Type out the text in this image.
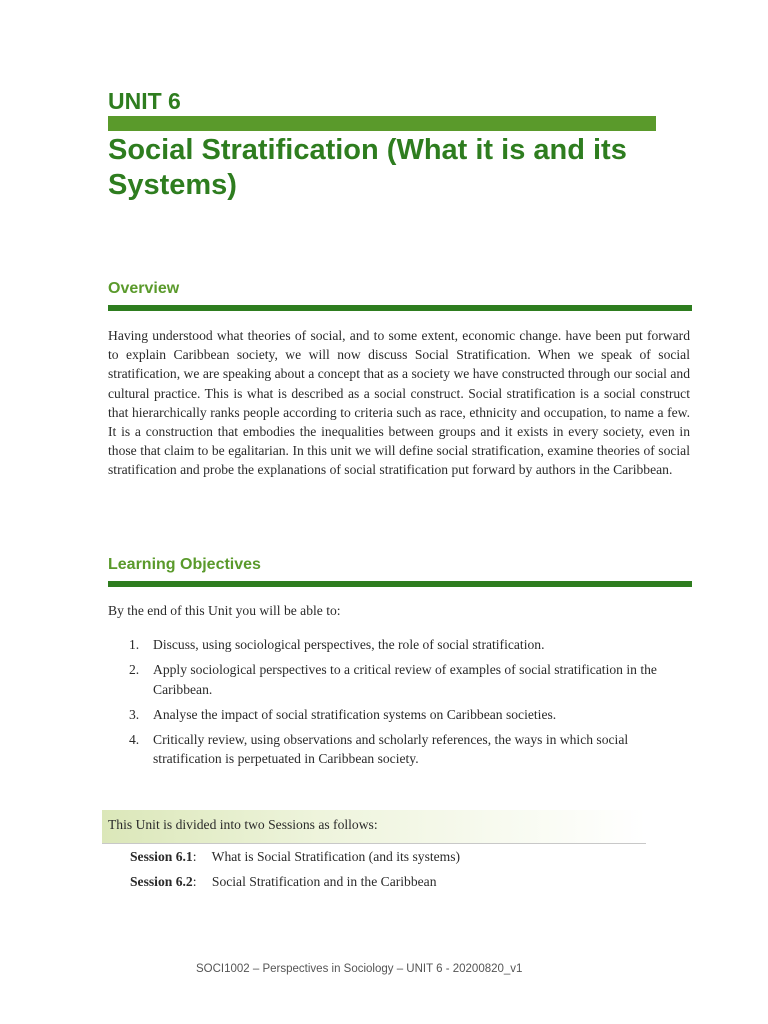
UNIT 6
Social Stratification (What it is and its Systems)
Overview

Having understood what theories of social, and to some extent, economic change. have been put forward to explain Caribbean society, we will now discuss Social Stratification. When we speak of social stratification, we are speaking about a concept that as a society we have constructed through our social and cultural practice. This is what is described as a social construct. Social stratification is a social construct that hierarchically ranks people according to criteria such as race, ethnicity and occupation, to name a few. It is a construction that embodies the inequalities between groups and it exists in every society, even in those that claim to be egalitarian. In this unit we will define social stratification, examine theories of social stratification and probe the explanations of social stratification put forward by authors in the Caribbean.

Learning Objectives
By the end of this Unit you will be able to:
1. Discuss, using sociological perspectives, the role of social stratification.
2. Apply sociological perspectives to a critical review of examples of social stratification in the Caribbean.
3. Analyse the impact of social stratification systems on Caribbean societies.
4. Critically review, using observations and scholarly references, the ways in which social stratification is perpetuated in Caribbean society.
This Unit is divided into two Sessions as follows:
Session 6.1: What is Social Stratification (and its systems)
Session 6.2: Social Stratification and in the Caribbean
SOCI1002 – Perspectives in Sociology – UNIT 6 - 20200820_v1
